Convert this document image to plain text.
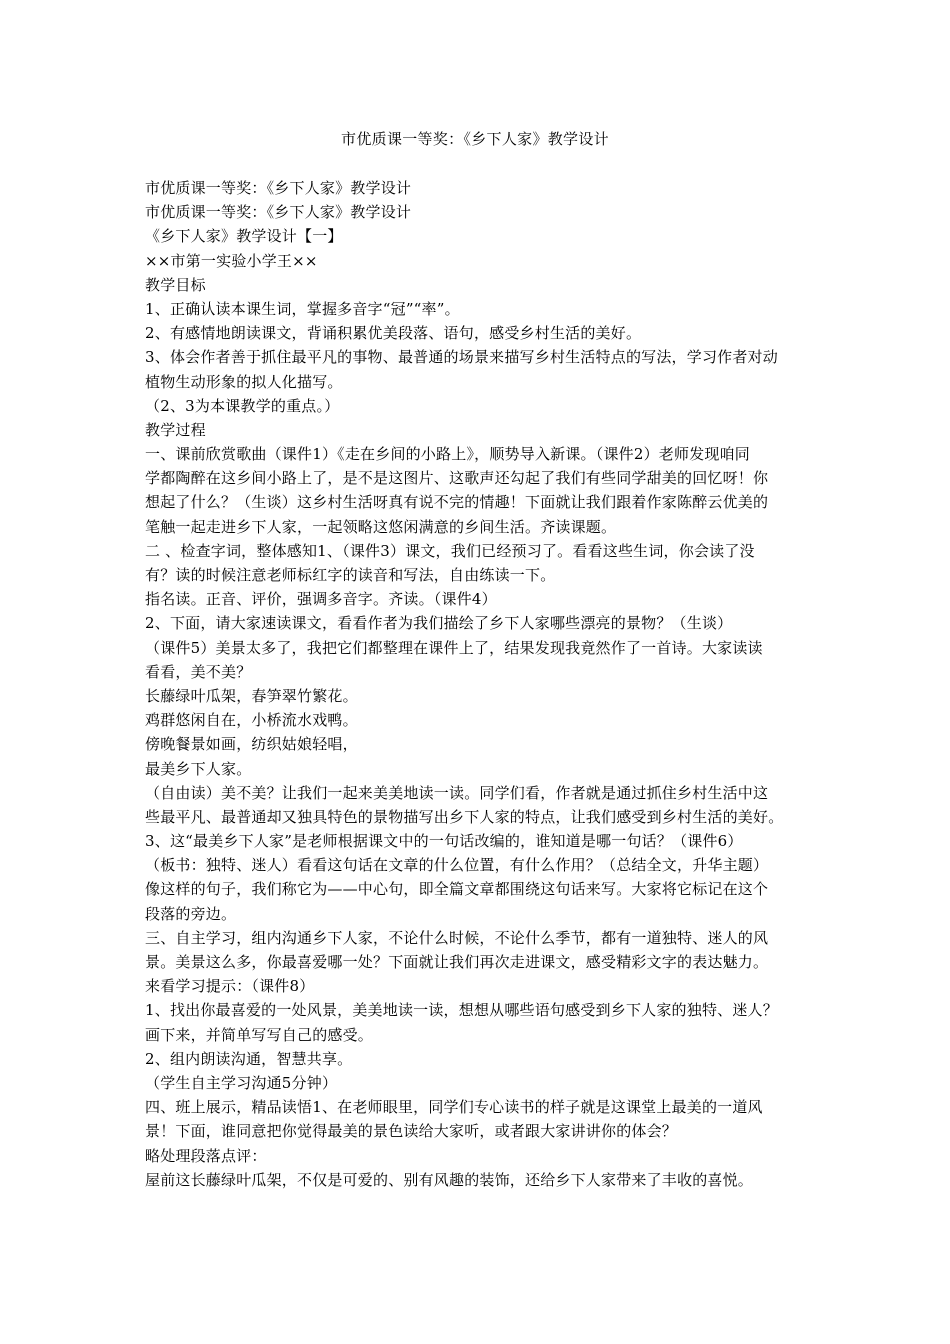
市优质课一等奖：《乡下人家》教学设计
市优质课一等奖：《乡下人家》教学设计
市优质课一等奖：《乡下人家》教学设计
《乡下人家》教学设计【一】
××市第一实验小学王××
教学目标
1、正确认读本课生词，掌握多音字“冠”“率”。
2、有感情地朗读课文，背诵积累优美段落、语句，感受乡村生活的美好。
3、体会作者善于抓住最平凡的事物、最普通的场景来描写乡村生活特点的写法，学习作者对动
植物生动形象的拟人化描写。
（2、3为本课教学的重点。）
教学过程
一、课前欣赏歌曲（课件1）《走在乡间的小路上》，顺势导入新课。（课件2）老师发现咱同
学都陶醉在这乡间小路上了，是不是这图片、这歌声还勾起了我们有些同学甜美的回忆呀！你
想起了什么？（生谈）这乡村生活呀真有说不完的情趣！下面就让我们跟着作家陈醉云优美的
笔触一起走进乡下人家，一起领略这悠闲满意的乡间生活。齐读课题。
二 、检查字词，整体感知1、（课件3）课文，我们已经预习了。看看这些生词，你会读了没
有？读的时候注意老师标红字的读音和写法，自由练读一下。
指名读。正音、评价，强调多音字。齐读。（课件4）
2、下面，请大家速读课文，看看作者为我们描绘了乡下人家哪些漂亮的景物？（生谈）
（课件5）美景太多了，我把它们都整理在课件上了，结果发现我竟然作了一首诗。大家读读
看看，美不美？
长藤绿叶瓜架，春笋翠竹繁花。
鸡群悠闲自在，小桥流水戏鸭。
傍晚餐景如画，纺织姑娘轻唱，
最美乡下人家。
（自由读）美不美？让我们一起来美美地读一读。同学们看，作者就是通过抓住乡村生活中这
些最平凡、最普通却又独具特色的景物描写出乡下人家的特点，让我们感受到乡村生活的美好。
3、这“最美乡下人家”是老师根据课文中的一句话改编的，谁知道是哪一句话？（课件6）
（板书：独特、迷人）看看这句话在文章的什么位置，有什么作用？（总结全文，升华主题）
像这样的句子，我们称它为——中心句，即全篇文章都围绕这句话来写。大家将它标记在这个
段落的旁边。
三、自主学习，组内沟通乡下人家，不论什么时候，不论什么季节，都有一道独特、迷人的风
景。美景这么多，你最喜爱哪一处？下面就让我们再次走进课文，感受精彩文字的表达魅力。
来看学习提示：（课件8）
1、找出你最喜爱的一处风景，美美地读一读，想想从哪些语句感受到乡下人家的独特、迷人？
画下来，并简单写写自己的感受。
2、组内朗读沟通，智慧共享。
（学生自主学习沟通5分钟）
四、班上展示，精品读悟1、在老师眼里，同学们专心读书的样子就是这课堂上最美的一道风
景！下面，谁同意把你觉得最美的景色读给大家听，或者跟大家讲讲你的体会？
略处理段落点评：
屋前这长藤绿叶瓜架，不仅是可爱的、别有风趣的装饰，还给乡下人家带来了丰收的喜悦。
